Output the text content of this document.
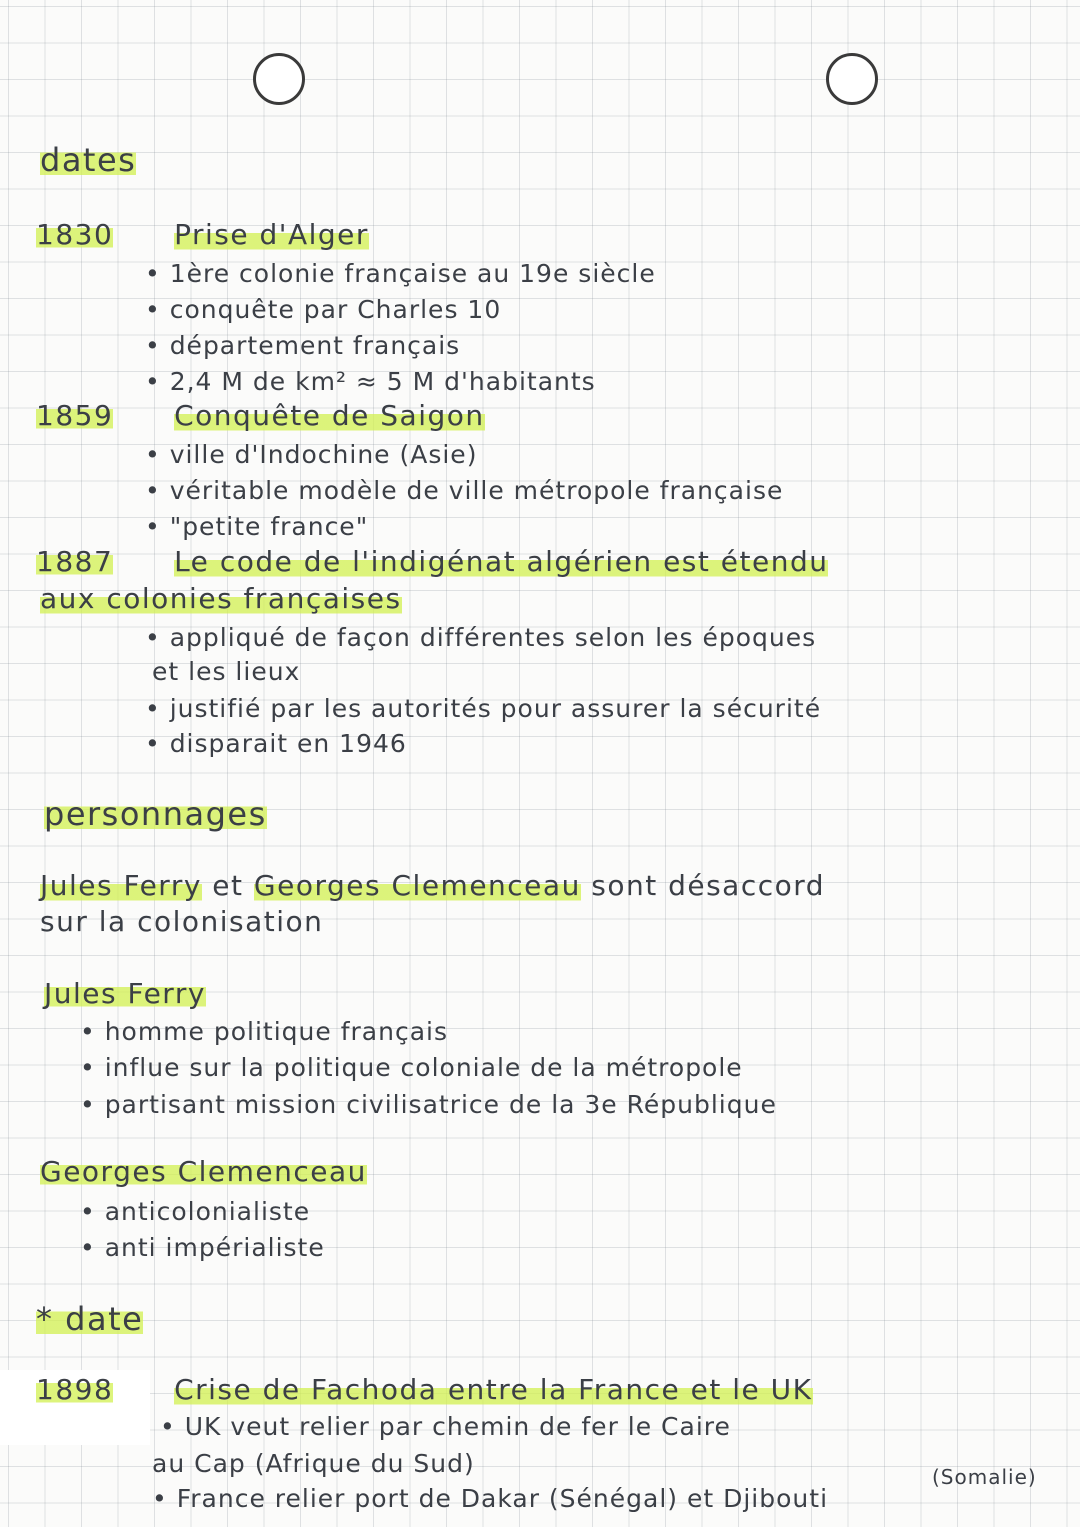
dates
1830 Prise d'Alger
• 1ère colonie française au 19e siècle
• conquête par Charles 10
• département français
• 2,4 M de km² ≈ 5 M d'habitants
1859 Conquête de Saigon
• ville d'Indochine (Asie)
• véritable modèle de ville métropole française
• "petite france"
1887 Le code de l'indigénat algérien est étendu
aux colonies françaises
• appliqué de façon différentes selon les époques
et les lieux
• justifié par les autorités pour assurer la sécurité
• disparait en 1946
personnages
Jules Ferry et Georges Clemenceau sont désaccord
sur la colonisation
Jules Ferry
• homme politique français
• influe sur la politique coloniale de la métropole
• partisant mission civilisatrice de la 3e République
Georges Clemenceau
• anticolonialiste
• anti impérialiste
* date
1898 Crise de Fachoda entre la France et le UK
• UK veut relier par chemin de fer le Caire
au Cap (Afrique du Sud)	(Somalie)
• France relier port de Dakar (Sénégal) et Djibouti
